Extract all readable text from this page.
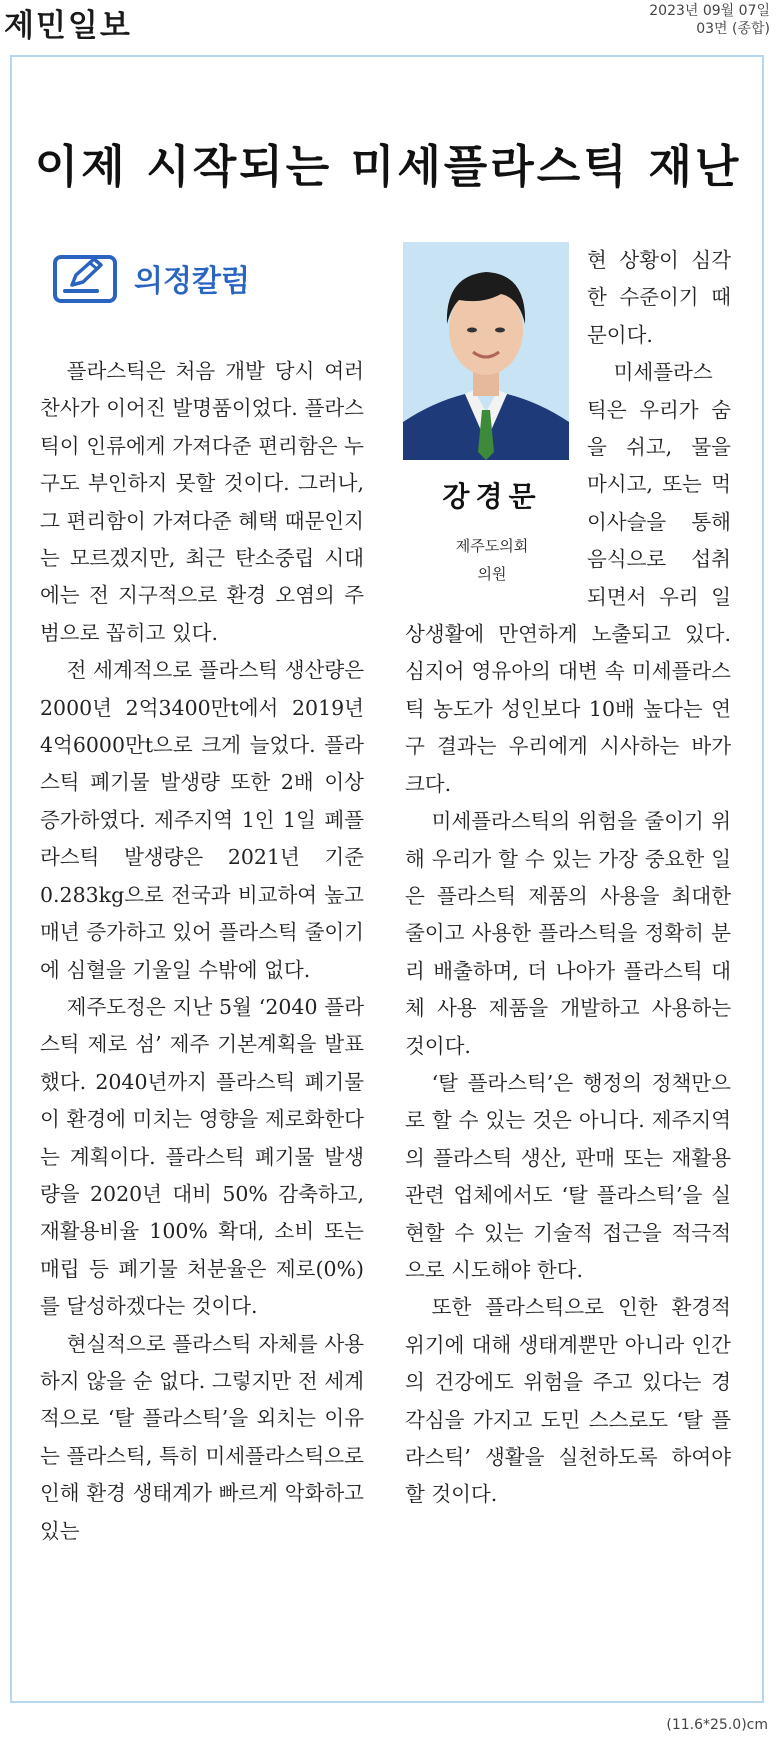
제민일보	2023년 09월 07일
03면 (종합)
이제 시작되는 미세플라스틱 재난
의정칼럼

플라스틱은 처음 개발 당시 여러 찬사가 이어진 발명품이었다. 플라스틱이 인류에게 가져다준 편리함은 누구도 부인하지 못할 것이다. 그러나, 그 편리함이 가져다준 혜택 때문인지는 모르겠지만, 최근 탄소중립 시대에는 전 지구적으로 환경 오염의 주범으로 꼽히고 있다.

전 세계적으로 플라스틱 생산량은 2000년 2억3400만t에서 2019년 4억6000만t으로 크게 늘었다. 플라스틱 폐기물 발생량 또한 2배 이상 증가하였다. 제주지역 1인 1일 폐플라스틱 발생량은 2021년 기준 0.283kg으로 전국과 비교하여 높고 매년 증가하고 있어 플라스틱 줄이기에 심혈을 기울일 수밖에 없다.

제주도정은 지난 5월 ‘2040 플라스틱 제로 섬’ 제주 기본계획을 발표했다. 2040년까지 플라스틱 폐기물이 환경에 미치는 영향을 제로화한다는 계획이다. 플라스틱 폐기물 발생량을 2020년 대비 50% 감축하고, 재활용비율 100% 확대, 소비 또는 매립 등 폐기물 처분율은 제로(0%)를 달성하겠다는 것이다.

현실적으로 플라스틱 자체를 사용하지 않을 순 없다. 그렇지만 전 세계적으로 ‘탈 플라스틱’을 외치는 이유는 플라스틱, 특히 미세플라스틱으로 인해 환경 생태계가 빠르게 악화하고 있는

강경문
제주도의회
의원

현 상황이 심각한 수준이기 때문이다.

미세플라스틱은 우리가 숨을 쉬고, 물을 마시고, 또는 먹이사슬을 통해 음식으로 섭취되면서 우리 일상생활에 만연하게 노출되고 있다. 심지어 영유아의 대변 속 미세플라스틱 농도가 성인보다 10배 높다는 연구 결과는 우리에게 시사하는 바가 크다.

미세플라스틱의 위험을 줄이기 위해 우리가 할 수 있는 가장 중요한 일은 플라스틱 제품의 사용을 최대한 줄이고 사용한 플라스틱을 정확히 분리 배출하며, 더 나아가 플라스틱 대체 사용 제품을 개발하고 사용하는 것이다.

‘탈 플라스틱’은 행정의 정책만으로 할 수 있는 것은 아니다. 제주지역의 플라스틱 생산, 판매 또는 재활용 관련 업체에서도 ‘탈 플라스틱’을 실현할 수 있는 기술적 접근을 적극적으로 시도해야 한다.

또한 플라스틱으로 인한 환경적 위기에 대해 생태계뿐만 아니라 인간의 건강에도 위험을 주고 있다는 경각심을 가지고 도민 스스로도 ‘탈 플라스틱’ 생활을 실천하도록 하여야 할 것이다.

(11.6*25.0)cm
